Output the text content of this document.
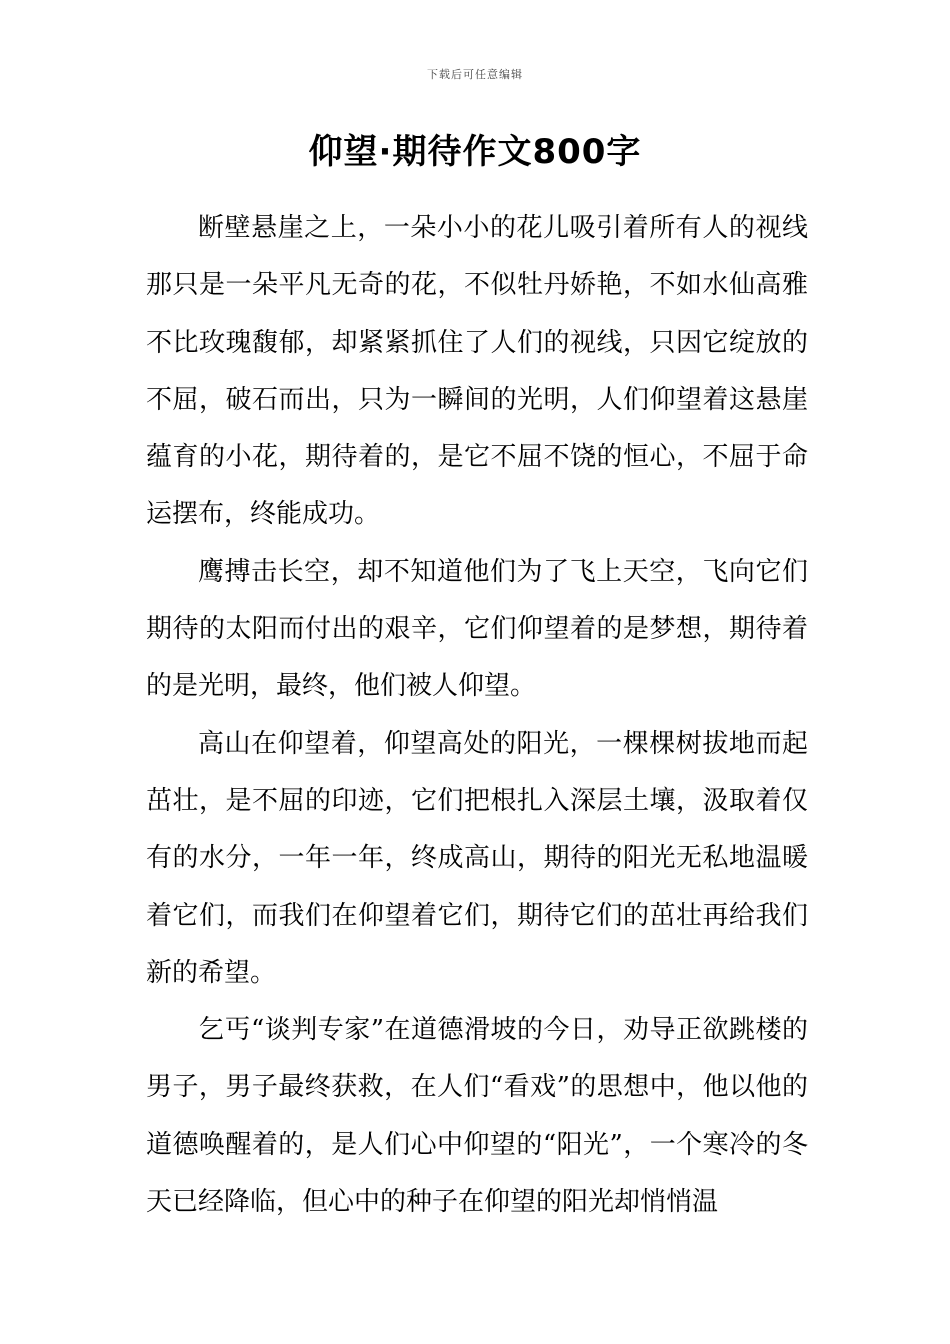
下载后可任意编辑
仰望·期待作文800字

断壁悬崖之上，一朵小小的花儿吸引着所有人的视线那只是一朵平凡无奇的花，不似牡丹娇艳，不如水仙高雅不比玫瑰馥郁，却紧紧抓住了人们的视线，只因它绽放的不屈，破石而出，只为一瞬间的光明，人们仰望着这悬崖蕴育的小花，期待着的，是它不屈不饶的恒心，不屈于命运摆布，终能成功。

鹰搏击长空，却不知道他们为了飞上天空，飞向它们期待的太阳而付出的艰辛，它们仰望着的是梦想，期待着的是光明，最终，他们被人仰望。

高山在仰望着，仰望高处的阳光，一棵棵树拔地而起茁壮，是不屈的印迹，它们把根扎入深层土壤，汲取着仅有的水分，一年一年，终成高山，期待的阳光无私地温暖着它们，而我们在仰望着它们，期待它们的茁壮再给我们新的希望。

乞丐“谈判专家”在道德滑坡的今日，劝导正欲跳楼的男子，男子最终获救，在人们“看戏”的思想中，他以他的道德唤醒着的，是人们心中仰望的“阳光”，一个寒冷的冬天已经降临，但心中的种子在仰望的阳光却悄悄温
